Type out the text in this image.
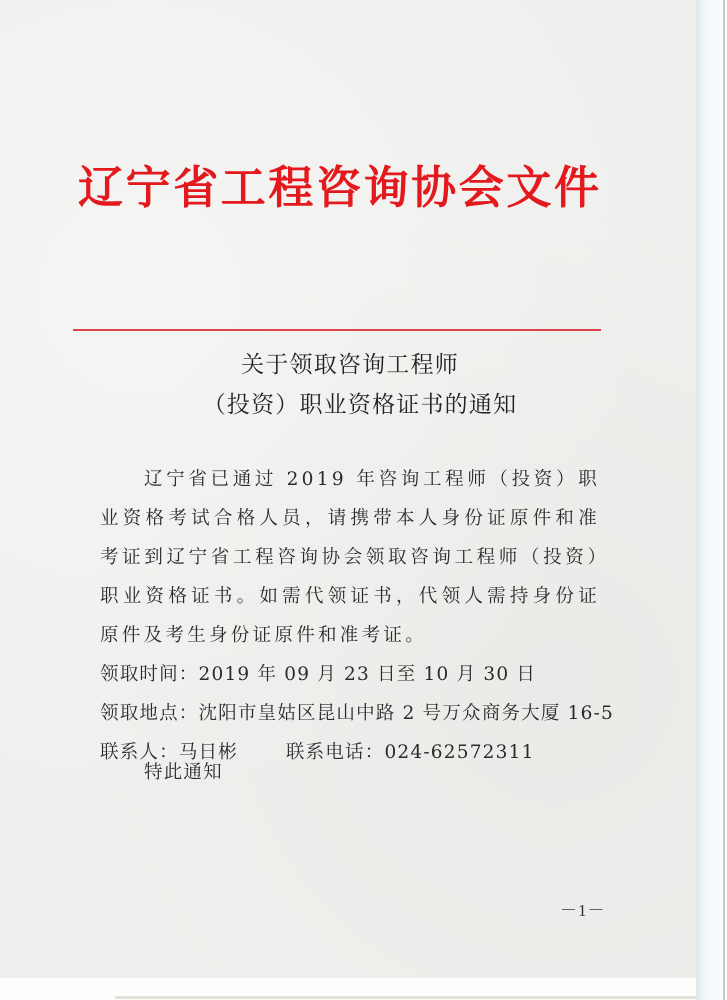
辽宁省工程咨询协会文件
关于领取咨询工程师
（投资）职业资格证书的通知

辽宁省已通过 2019 年咨询工程师（投资）职业资格考试合格人员，请携带本人身份证原件和准考证到辽宁省工程咨询协会领取咨询工程师（投资）职业资格证书。如需代领证书，代领人需持身份证原件及考生身份证原件和准考证。

领取时间：2019 年 09 月 23 日至 10 月 30 日

领取地点：沈阳市皇姑区昆山中路 2 号万众商务大厦 16-5

联系人：马日彬	联系电话：024-62572311

特此通知

－1－
